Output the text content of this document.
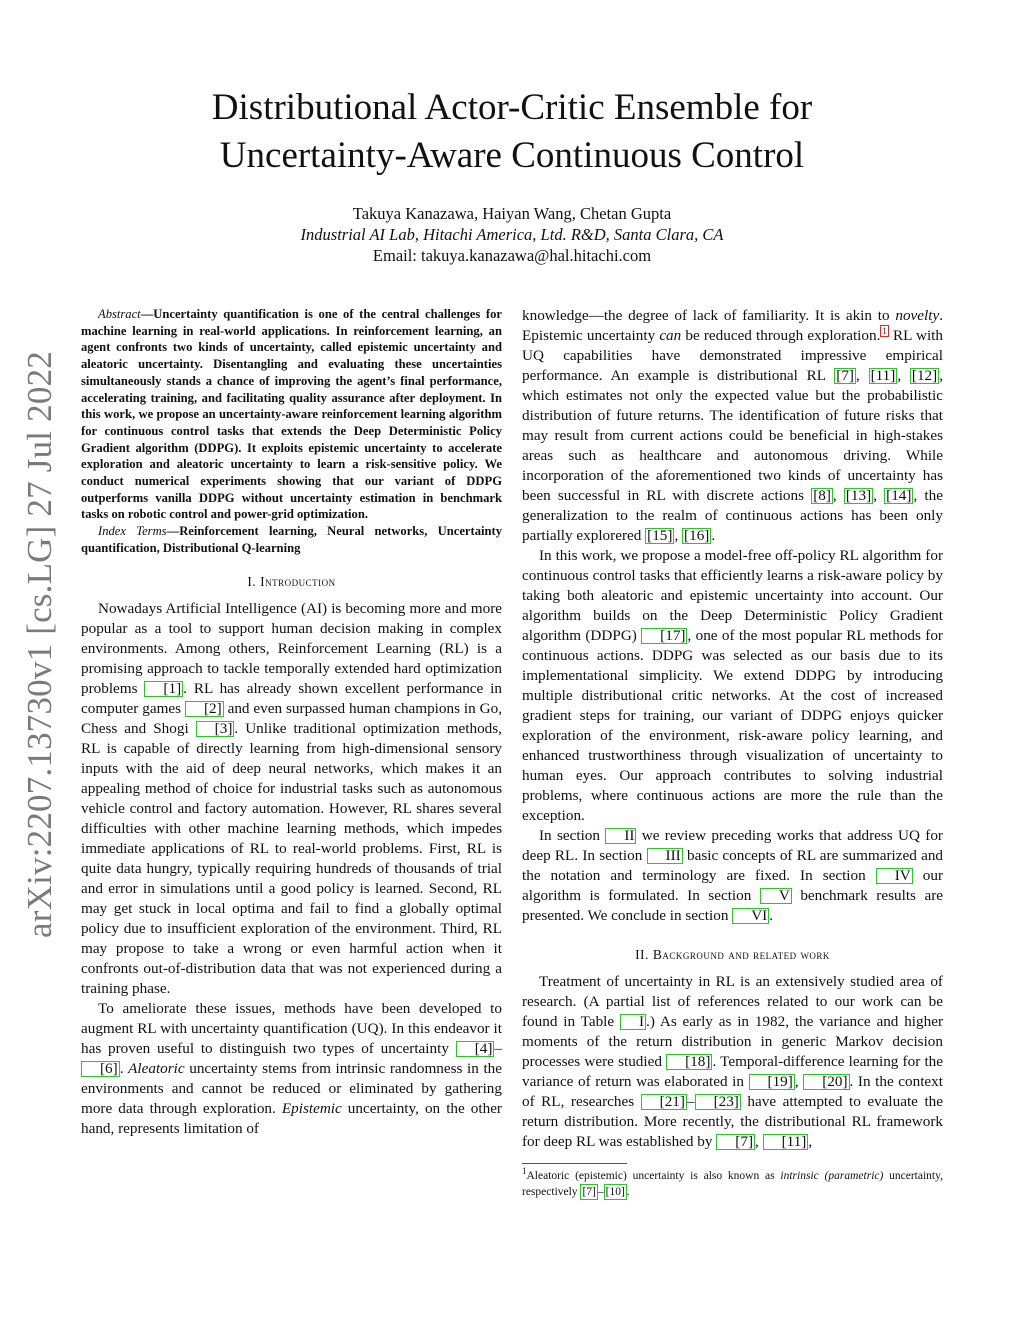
arXiv:2207.13730v1 [cs.LG] 27 Jul 2022
Distributional Actor-Critic Ensemble for
Uncertainty-Aware Continuous Control
Takuya Kanazawa, Haiyan Wang, Chetan Gupta
Industrial AI Lab, Hitachi America, Ltd. R&D, Santa Clara, CA
Email: takuya.kanazawa@hal.hitachi.com

Abstract—Uncertainty quantification is one of the central challenges for machine learning in real-world applications. In reinforcement learning, an agent confronts two kinds of uncertainty, called epistemic uncertainty and aleatoric uncertainty. Disentangling and evaluating these uncertainties simultaneously stands a chance of improving the agent’s final performance, accelerating training, and facilitating quality assurance after deployment. In this work, we propose an uncertainty-aware reinforcement learning algorithm for continuous control tasks that extends the Deep Deterministic Policy Gradient algorithm (DDPG). It exploits epistemic uncertainty to accelerate exploration and aleatoric uncertainty to learn a risk-sensitive policy. We conduct numerical experiments showing that our variant of DDPG outperforms vanilla DDPG without uncertainty estimation in benchmark tasks on robotic control and power-grid optimization.

Index Terms—Reinforcement learning, Neural networks, Uncertainty quantification, Distributional Q-learning

I. Introduction

Nowadays Artificial Intelligence (AI) is becoming more and more popular as a tool to support human decision making in complex environments. Among others, Reinforcement Learning (RL) is a promising approach to tackle temporally extended hard optimization problems [1] . RL has already shown excellent performance in computer games [2] and even surpassed human champions in Go, Chess and Shogi [3] . Unlike traditional optimization methods, RL is capable of directly learning from high-dimensional sensory inputs with the aid of deep neural networks, which makes it an appealing method of choice for industrial tasks such as autonomous vehicle control and factory automation. However, RL shares several difficulties with other machine learning methods, which impedes immediate applications of RL to real-world problems. First, RL is quite data hungry, typically requiring hundreds of thousands of trial and error in simulations until a good policy is learned. Second, RL may get stuck in local optima and fail to find a globally optimal policy due to insufficient exploration of the environment. Third, RL may propose to take a wrong or even harmful action when it confronts out-of-distribution data that was not experienced during a training phase.

To ameliorate these issues, methods have been developed to augment RL with uncertainty quantification (UQ). In this endeavor it has proven useful to distinguish two types of uncertainty [4] –[6] . Aleatoric uncertainty stems from intrinsic randomness in the environments and cannot be reduced or eliminated by gathering more data through exploration. Epistemic uncertainty, on the other hand, represents limitation of

knowledge—the degree of lack of familiarity. It is akin to novelty. Epistemic uncertainty can be reduced through exploration. $^1$ RL with UQ capabilities have demonstrated impressive empirical performance. An example is distributional RL [7] , [11] , [12] , which estimates not only the expected value but the probabilistic distribution of future returns. The identification of future risks that may result from current actions could be beneficial in high-stakes areas such as healthcare and autonomous driving. While incorporation of the aforementioned two kinds of uncertainty has been successful in RL with discrete actions [8] , [13] , [14] , the generalization to the realm of continuous actions has been only partially explorered [15] , [16] .

In this work, we propose a model-free off-policy RL algorithm for continuous control tasks that efficiently learns a risk-aware policy by taking both aleatoric and epistemic uncertainty into account. Our algorithm builds on the Deep Deterministic Policy Gradient algorithm (DDPG) [17] , one of the most popular RL methods for continuous actions. DDPG was selected as our basis due to its implementational simplicity. We extend DDPG by introducing multiple distributional critic networks. At the cost of increased gradient steps for training, our variant of DDPG enjoys quicker exploration of the environment, risk-aware policy learning, and enhanced trustworthiness through visualization of uncertainty to human eyes. Our approach contributes to solving industrial problems, where continuous actions are more the rule than the exception.

In section II we review preceding works that address UQ for deep RL. In section III basic concepts of RL are summarized and the notation and terminology are fixed. In section IV our algorithm is formulated. In section V benchmark results are presented. We conclude in section VI .

II. Background and related work

Treatment of uncertainty in RL is an extensively studied area of research. (A partial list of references related to our work can be found in Table I .) As early as in 1982, the variance and higher moments of the return distribution in generic Markov decision processes were studied [18] . Temporal-difference learning for the variance of return was elaborated in [19] , [20] . In the context of RL, researches [21] – [23] have attempted to evaluate the return distribution. More recently, the distributional RL framework for deep RL was established by [7] , [11] ,

$^1$Aleatoric (epistemic) uncertainty is also known as intrinsic (parametric) uncertainty, respectively [7] – [10] .
